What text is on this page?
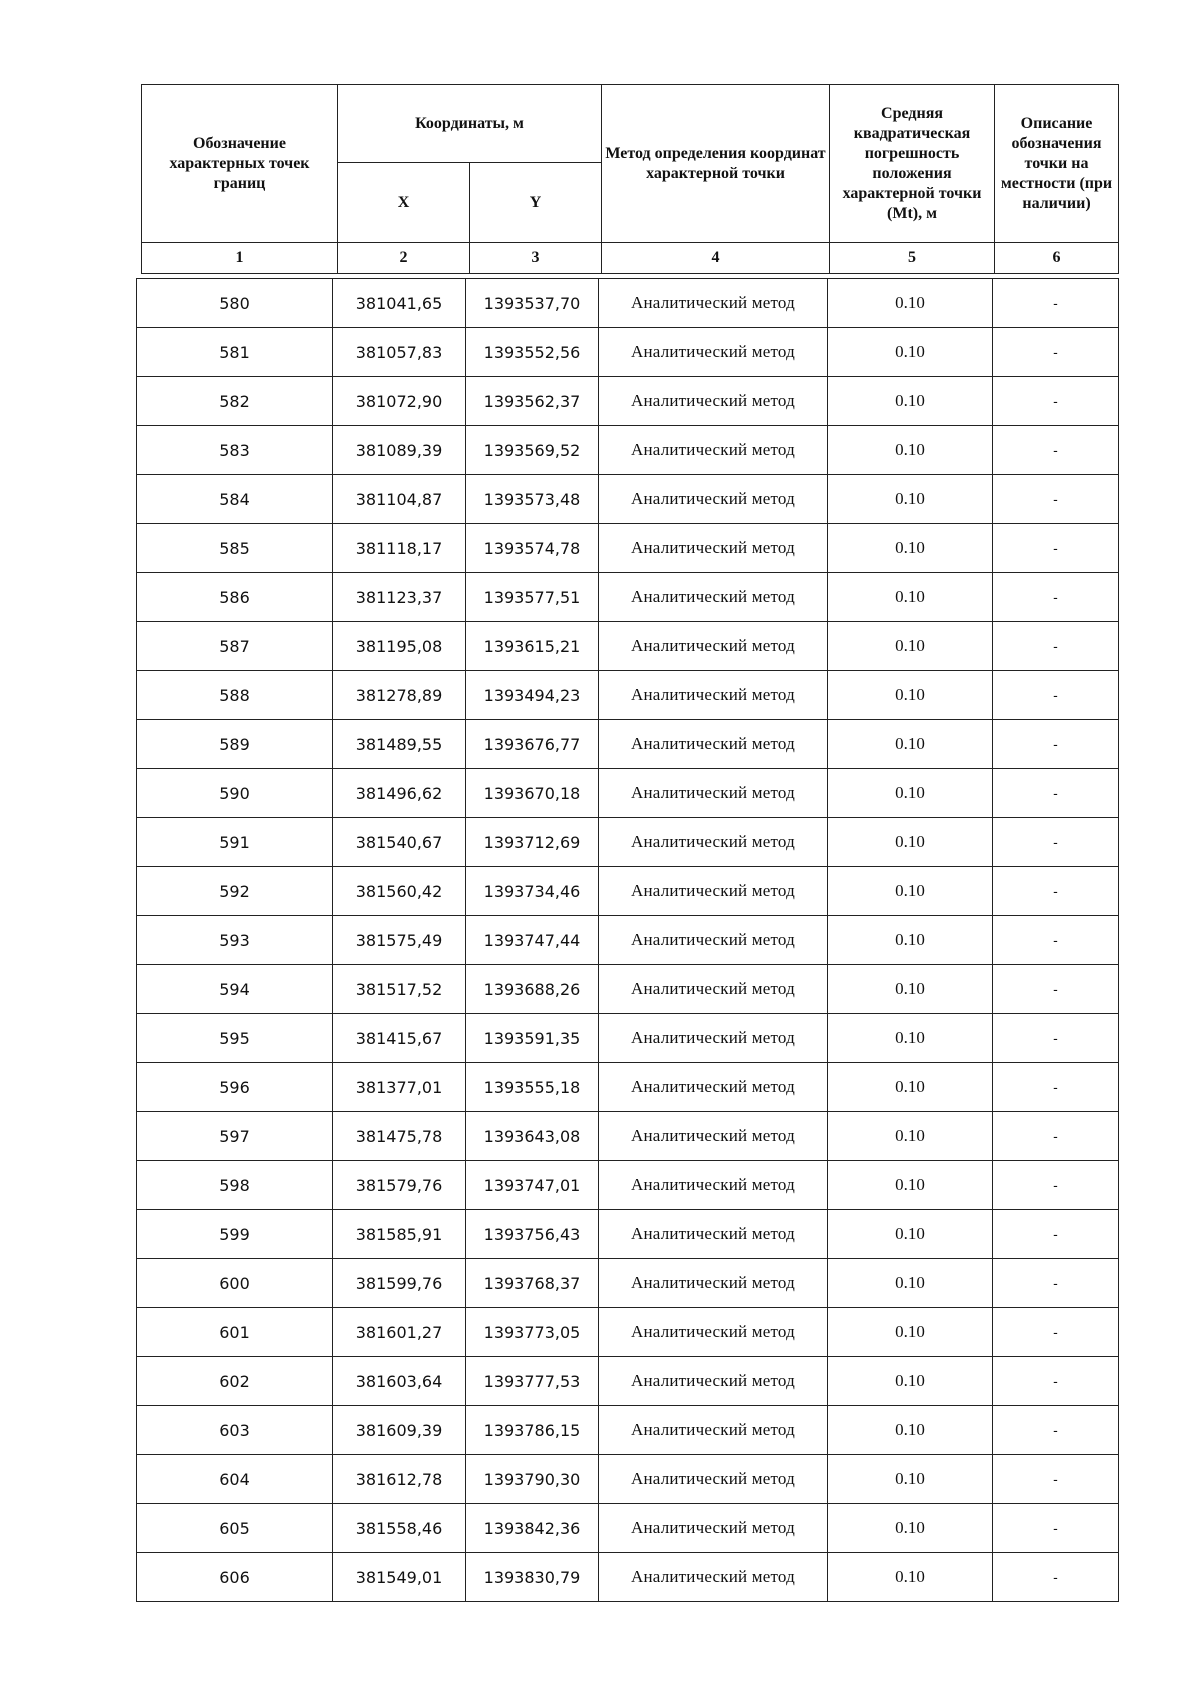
Обозначение характерных точек границ	Координаты, м		Метод определения координат характерной точки	Средняя квадратическая погрешность положения характерной точки (Mt), м	Описание обозначения точки на местности (при наличии)
	X	Y			
1	2	3	4	5	6
580	381041,65	1393537,70	Аналитический метод	0.10	-
581	381057,83	1393552,56	Аналитический метод	0.10	-
582	381072,90	1393562,37	Аналитический метод	0.10	-
583	381089,39	1393569,52	Аналитический метод	0.10	-
584	381104,87	1393573,48	Аналитический метод	0.10	-
585	381118,17	1393574,78	Аналитический метод	0.10	-
586	381123,37	1393577,51	Аналитический метод	0.10	-
587	381195,08	1393615,21	Аналитический метод	0.10	-
588	381278,89	1393494,23	Аналитический метод	0.10	-
589	381489,55	1393676,77	Аналитический метод	0.10	-
590	381496,62	1393670,18	Аналитический метод	0.10	-
591	381540,67	1393712,69	Аналитический метод	0.10	-
592	381560,42	1393734,46	Аналитический метод	0.10	-
593	381575,49	1393747,44	Аналитический метод	0.10	-
594	381517,52	1393688,26	Аналитический метод	0.10	-
595	381415,67	1393591,35	Аналитический метод	0.10	-
596	381377,01	1393555,18	Аналитический метод	0.10	-
597	381475,78	1393643,08	Аналитический метод	0.10	-
598	381579,76	1393747,01	Аналитический метод	0.10	-
599	381585,91	1393756,43	Аналитический метод	0.10	-
600	381599,76	1393768,37	Аналитический метод	0.10	-
601	381601,27	1393773,05	Аналитический метод	0.10	-
602	381603,64	1393777,53	Аналитический метод	0.10	-
603	381609,39	1393786,15	Аналитический метод	0.10	-
604	381612,78	1393790,30	Аналитический метод	0.10	-
605	381558,46	1393842,36	Аналитический метод	0.10	-
606	381549,01	1393830,79	Аналитический метод	0.10	-
